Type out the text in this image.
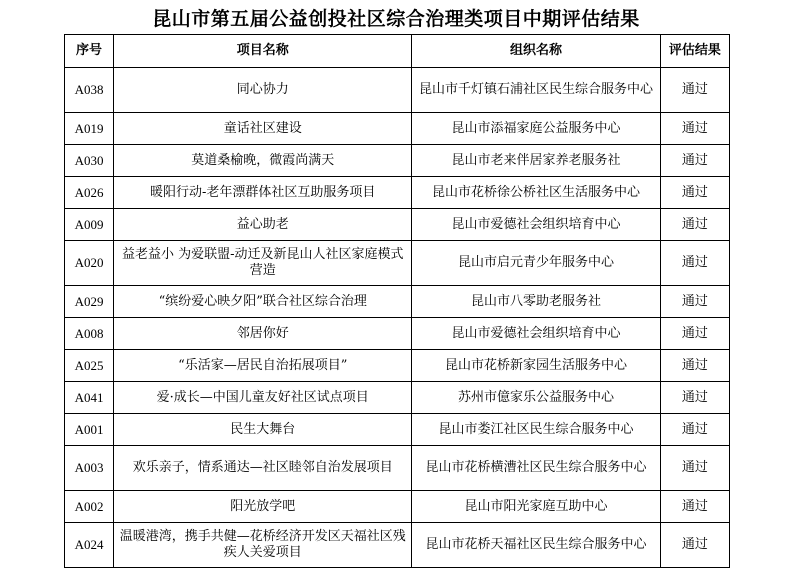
昆山市第五届公益创投社区综合治理类项目中期评估结果
序号	项目名称	组织名称	评估结果
A038	同心协力	昆山市千灯镇石浦社区民生综合服务中心	通过
A019	童话社区建设	昆山市添福家庭公益服务中心	通过
A030	莫道桑榆晚，微霞尚满天	昆山市老来伴居家养老服务社	通过
A026	暖阳行动-老年漂群体社区互助服务项目	昆山市花桥徐公桥社区生活服务中心	通过
A009	益心助老	昆山市爱德社会组织培育中心	通过
A020	益老益小 为爱联盟-动迁及新昆山人社区家庭模式营造	昆山市启元青少年服务中心	通过
A029	“缤纷爱心映夕阳”联合社区综合治理	昆山市八零助老服务社	通过
A008	邻居你好	昆山市爱德社会组织培育中心	通过
A025	“乐活家—居民自治拓展项目”	昆山市花桥新家园生活服务中心	通过
A041	爱·成长—中国儿童友好社区试点项目	苏州市億家乐公益服务中心	通过
A001	民生大舞台	昆山市娄江社区民生综合服务中心	通过
A003	欢乐亲子，情系通达—社区睦邻自治发展项目	昆山市花桥横漕社区民生综合服务中心	通过
A002	阳光放学吧	昆山市阳光家庭互助中心	通过
A024	温暖港湾，携手共健—花桥经济开发区天福社区残疾人关爱项目	昆山市花桥天福社区民生综合服务中心	通过
